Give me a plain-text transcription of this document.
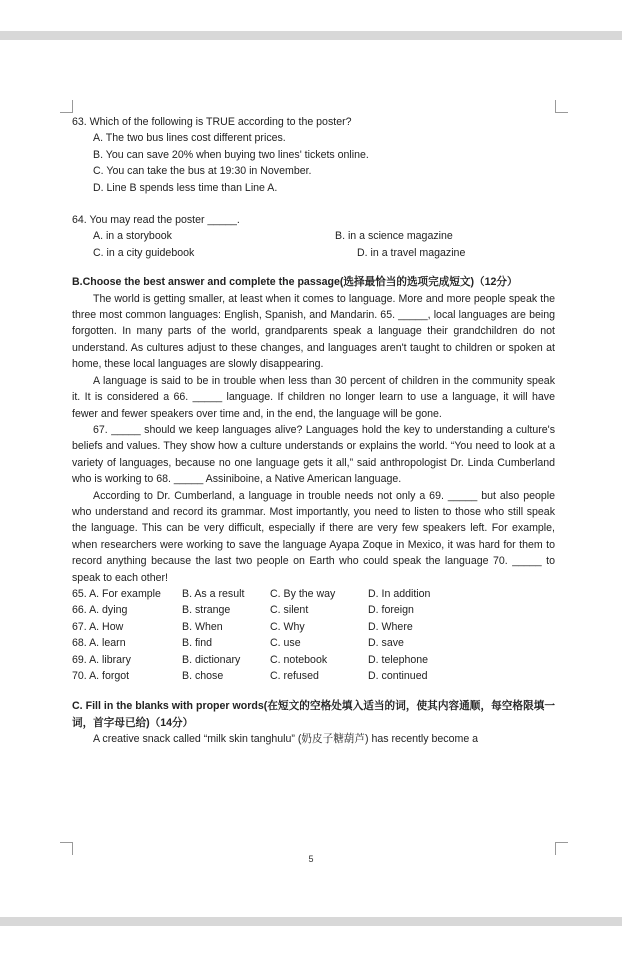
63. Which of the following is TRUE according to the poster?
A. The two bus lines cost different prices.
B. You can save 20% when buying two lines' tickets online.
C. You can take the bus at 19:30 in November.
D. Line B spends less time than Line A.
64. You may read the poster _____.
A. in a storybook	B. in a science magazine
C. in a city guidebook	D. in a travel magazine
B.Choose the best answer and complete the passage(选择最恰当的选项完成短文)（12分）

The world is getting smaller, at least when it comes to language. More and more people speak the three most common languages: English, Spanish, and Mandarin. 65. _____, local languages are being forgotten. In many parts of the world, grandparents speak a language their grandchildren do not understand. As cultures adjust to these changes, and languages aren't taught to children or spoken at home, these local languages are slowly disappearing.

A language is said to be in trouble when less than 30 percent of children in the community speak it. It is considered a 66. _____ language. If children no longer learn to use a language, it will have fewer and fewer speakers over time and, in the end, the language will be gone.

67. _____ should we keep languages alive? Languages hold the key to understanding a culture's beliefs and values. They show how a culture understands or explains the world. “You need to look at a variety of languages, because no one language gets it all,” said anthropologist Dr. Linda Cumberland who is working to 68. _____ Assiniboine, a Native American language.

According to Dr. Cumberland, a language in trouble needs not only a 69. _____ but also people who understand and record its grammar. Most importantly, you need to listen to those who still speak the language. This can be very difficult, especially if there are very few speakers left. For example, when researchers were working to save the language Ayapa Zoque in Mexico, it was hard for them to record anything because the last two people on Earth who could speak the language 70. _____ to speak to each other!

65. A. For example	B. As a result	C. By the way	D. In addition
66. A. dying	B. strange	C. silent	D. foreign
67. A. How	B. When	C. Why	D. Where
68. A. learn	B. find	C. use	D. save
69. A. library	B. dictionary	C. notebook	D. telephone
70. A. forgot	B. chose	C. refused	D. continued
C. Fill in the blanks with proper words(在短文的空格处填入适当的词，使其内容通顺，每空格限填一词，首字母已给)（14分）

A creative snack called “milk skin tanghulu” (奶皮子糖葫芦) has recently become a

5
